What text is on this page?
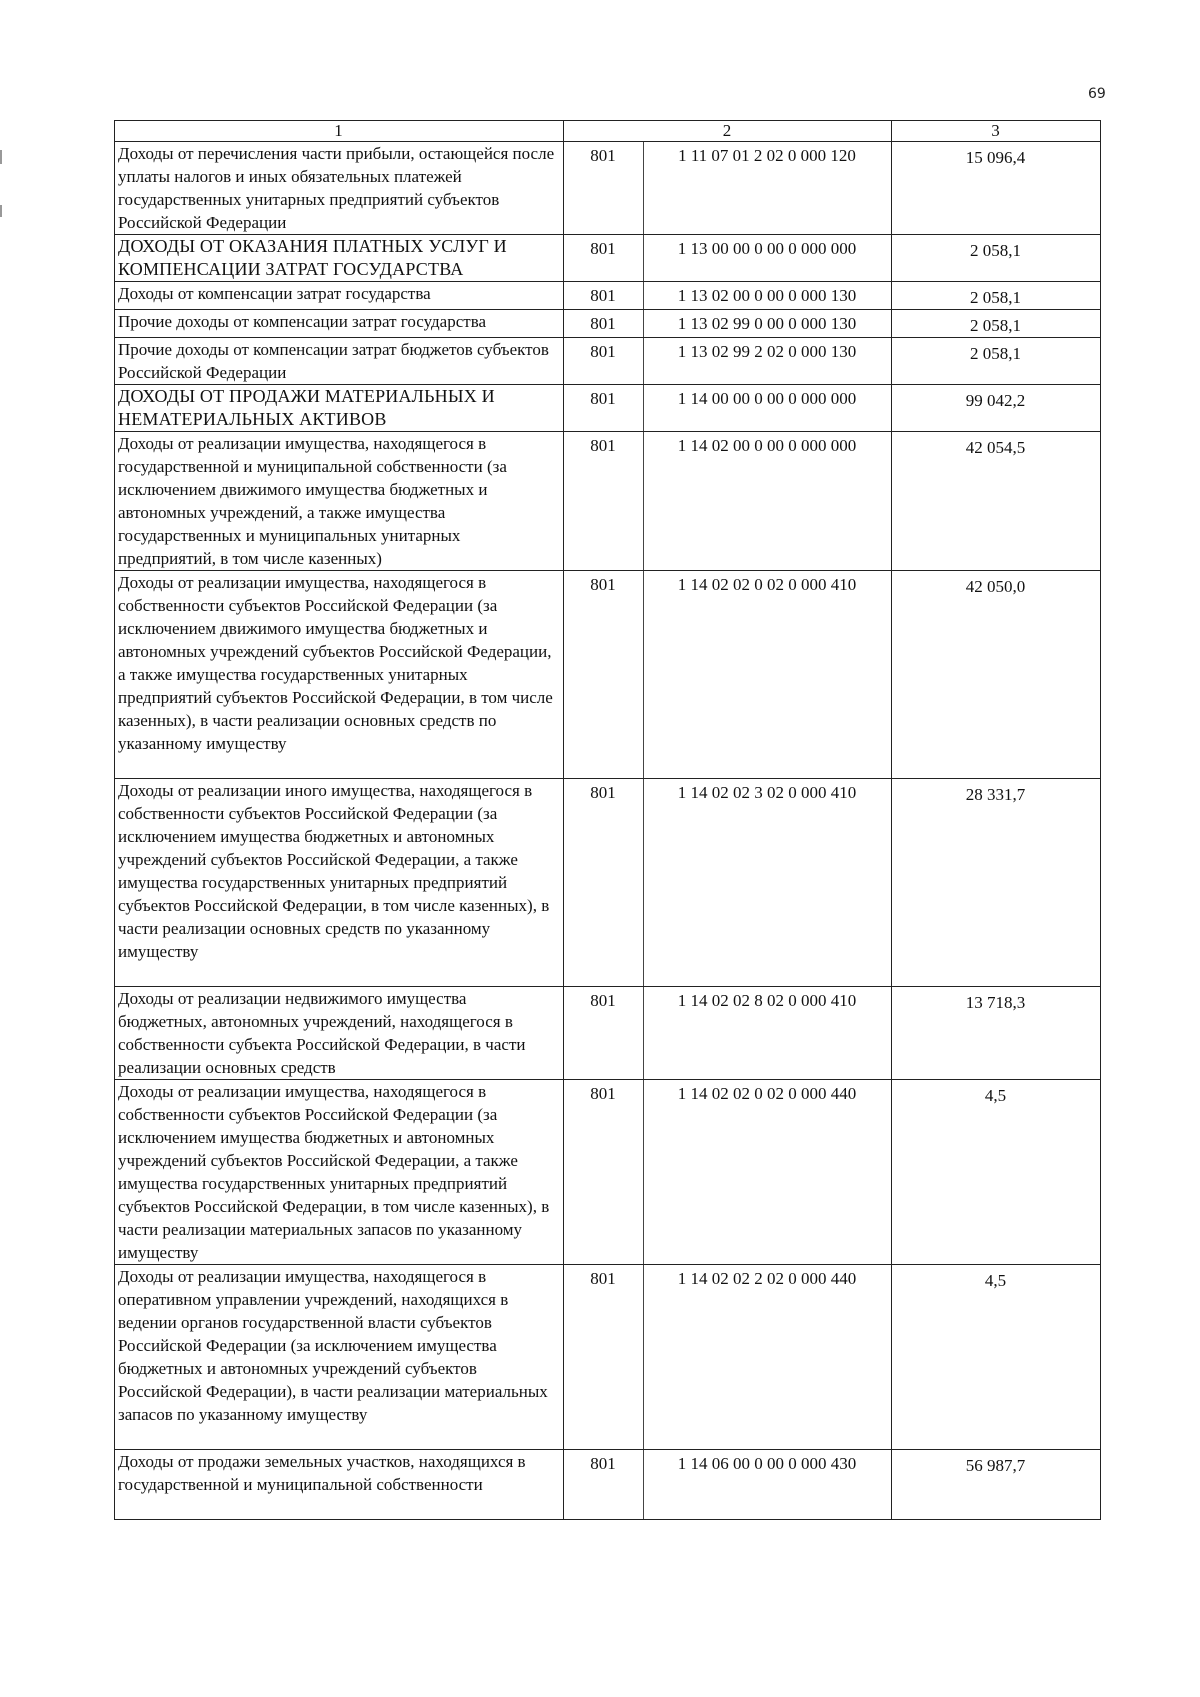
69
1	2		3
Доходы от перечисления части прибыли, остающейся после уплаты налогов и иных обязательных платежей государственных унитарных предприятий субъектов Российской Федерации	801	1 11 07 01 2 02 0 000 120	15 096,4
ДОХОДЫ ОТ ОКАЗАНИЯ ПЛАТНЫХ УСЛУГ И КОМПЕНСАЦИИ ЗАТРАТ ГОСУДАРСТВА	801	1 13 00 00 0 00 0 000 000	2 058,1
Доходы от компенсации затрат государства	801	1 13 02 00 0 00 0 000 130	2 058,1
Прочие доходы от компенсации затрат государства	801	1 13 02 99 0 00 0 000 130	2 058,1
Прочие доходы от компенсации затрат бюджетов субъектов Российской Федерации	801	1 13 02 99 2 02 0 000 130	2 058,1
ДОХОДЫ ОТ ПРОДАЖИ МАТЕРИАЛЬНЫХ И НЕМАТЕРИАЛЬНЫХ АКТИВОВ	801	1 14 00 00 0 00 0 000 000	99 042,2
Доходы от реализации имущества, находящегося в государственной и муниципальной собственности (за исключением движимого имущества бюджетных и автономных учреждений, а также имущества государственных и муниципальных унитарных предприятий, в том числе казенных)	801	1 14 02 00 0 00 0 000 000	42 054,5
Доходы от реализации имущества, находящегося в собственности субъектов Российской Федерации (за исключением движимого имущества бюджетных и автономных учреждений субъектов Российской Федерации, а также имущества государственных унитарных предприятий субъектов Российской Федерации, в том числе казенных), в части реализации основных средств по указанному имуществу	801	1 14 02 02 0 02 0 000 410	42 050,0
Доходы от реализации иного имущества, находящегося в собственности субъектов Российской Федерации (за исключением имущества бюджетных и автономных учреждений субъектов Российской Федерации, а также имущества государственных унитарных предприятий субъектов Российской Федерации, в том числе казенных), в части реализации основных средств по указанному имуществу	801	1 14 02 02 3 02 0 000 410	28 331,7
Доходы от реализации недвижимого имущества бюджетных, автономных учреждений, находящегося в собственности субъекта Российской Федерации, в части реализации основных средств	801	1 14 02 02 8 02 0 000 410	13 718,3
Доходы от реализации имущества, находящегося в собственности субъектов Российской Федерации (за исключением имущества бюджетных и автономных учреждений субъектов Российской Федерации, а также имущества государственных унитарных предприятий субъектов Российской Федерации, в том числе казенных), в части реализации материальных запасов по указанному имуществу	801	1 14 02 02 0 02 0 000 440	4,5
Доходы от реализации имущества, находящегося в оперативном управлении учреждений, находящихся в ведении органов государственной власти субъектов Российской Федерации (за исключением имущества бюджетных и автономных учреждений субъектов Российской Федерации), в части реализации материальных запасов по указанному имуществу	801	1 14 02 02 2 02 0 000 440	4,5
Доходы от продажи земельных участков, находящихся в государственной и муниципальной собственности	801	1 14 06 00 0 00 0 000 430	56 987,7
